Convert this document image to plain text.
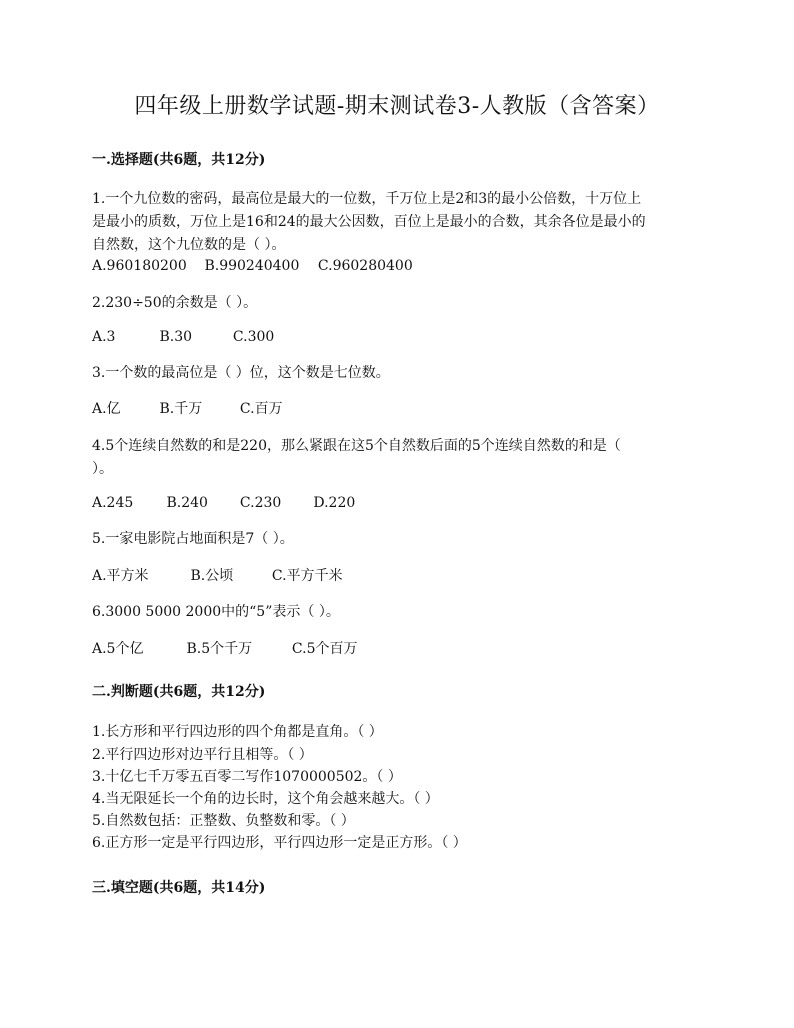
四年级上册数学试题-期末测试卷3-人教版（含答案）
一.选择题(共6题，共12分)
1.一个九位数的密码，最高位是最大的一位数，千万位上是2和3的最小公倍数，十万位上
是最小的质数，万位上是16和24的最大公因数，百位上是最小的合数，其余各位是最小的
自然数，这个九位数的是（ ）。
A.960180200 B.990240400 C.960280400
2.230÷50的余数是（ ）。
A.3	B.30	C.300
3.一个数的最高位是（ ）位，这个数是七位数。
A.亿	B.千万	C.百万
4.5个连续自然数的和是220，那么紧跟在这5个自然数后面的5个连续自然数的和是（
）。
A.245 B.240 C.230 D.220
5.一家电影院占地面积是7（ ）。
A.平方米	B.公顷	C.平方千米
6.3000 5000 2000中的“5”表示（ ）。
A.5个亿	B.5个千万	C.5个百万
二.判断题(共6题，共12分)
1.长方形和平行四边形的四个角都是直角。（ ）
2.平行四边形对边平行且相等。（ ）
3.十亿七千万零五百零二写作1070000502。（ ）
4.当无限延长一个角的边长时，这个角会越来越大。（ ）
5.自然数包括：正整数、负整数和零。（ ）
6.正方形一定是平行四边形，平行四边形一定是正方形。（ ）
三.填空题(共6题，共14分)
